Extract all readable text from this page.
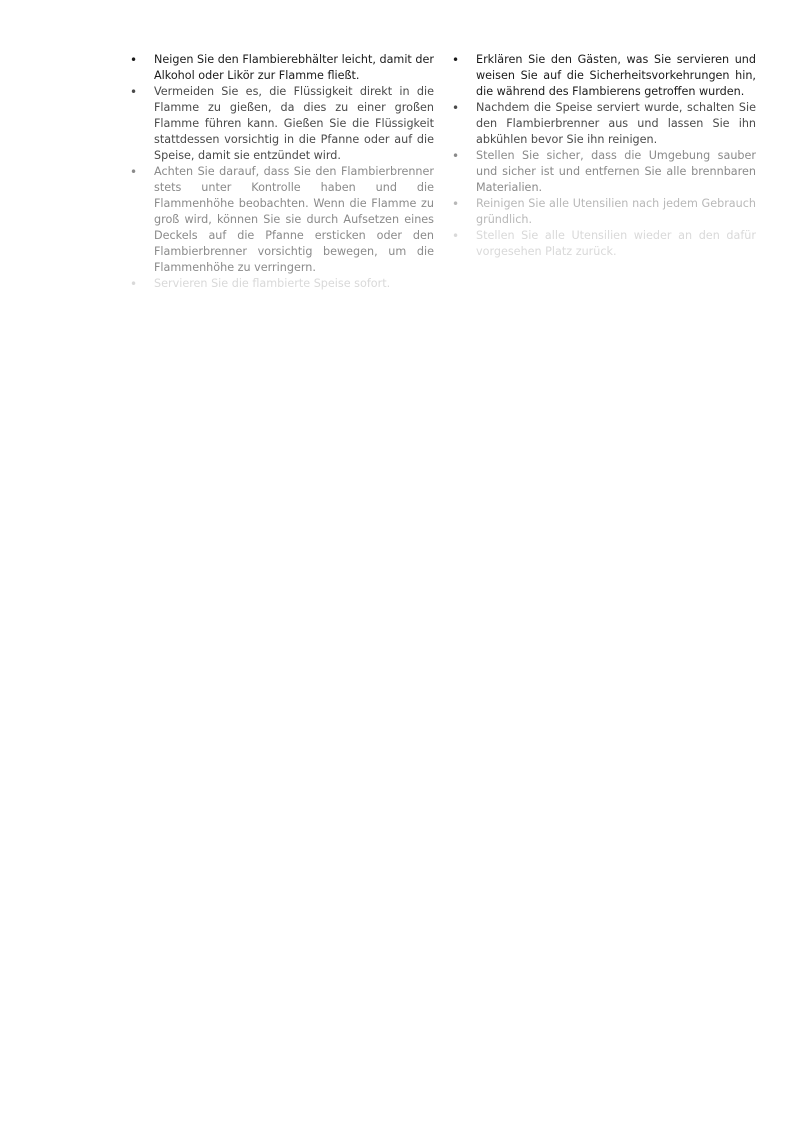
• Neigen Sie den Flambierebhälter leicht, damit der Alkohol oder Likör zur Flamme fließt.
• Vermeiden Sie es, die Flüssigkeit direkt in die Flamme zu gießen, da dies zu einer großen Flamme führen kann. Gießen Sie die Flüssigkeit stattdessen vorsichtig in die Pfanne oder auf die Speise, damit sie entzündet wird.
• Achten Sie darauf, dass Sie den Flambierbrenner stets unter Kontrolle haben und die Flammenhöhe beobachten. Wenn die Flamme zu groß wird, können Sie sie durch Aufsetzen eines Deckels auf die Pfanne ersticken oder den Flambierbrenner vorsichtig bewegen, um die Flammenhöhe zu verringern.
• Servieren Sie die flambierte Speise sofort.
• Erklären Sie den Gästen, was Sie servieren und weisen Sie auf die Sicherheitsvorkehrungen hin, die während des Flambierens getroffen wurden.
• Nachdem die Speise serviert wurde, schalten Sie den Flambierbrenner aus und lassen Sie ihn abkühlen bevor Sie ihn reinigen.
• Stellen Sie sicher, dass die Umgebung sauber und sicher ist und entfernen Sie alle brennbaren Materialien.
• Reinigen Sie alle Utensilien nach jedem Gebrauch gründlich.
• Stellen Sie alle Utensilien wieder an den dafür vorgesehen Platz zurück.
